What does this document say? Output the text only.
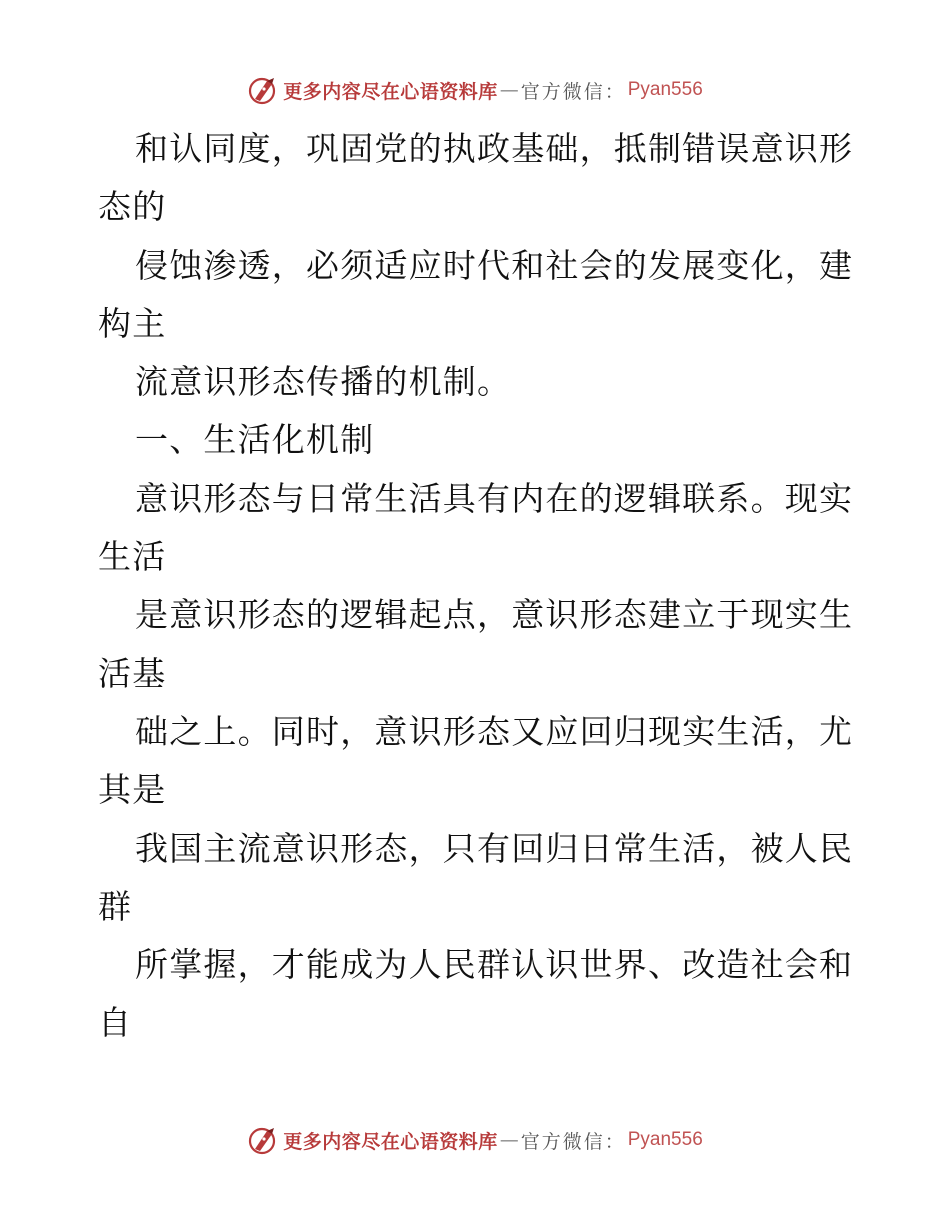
更多内容尽在心语资料库 — 官方微信： Pyan556
和认同度，巩固党的执政基础，抵制错误意识形
态的
侵蚀渗透，必须适应时代和社会的发展变化，建
构主
流意识形态传播的机制。
一、生活化机制
意识形态与日常生活具有内在的逻辑联系。现实
生活
是意识形态的逻辑起点，意识形态建立于现实生
活基
础之上。同时，意识形态又应回归现实生活，尤
其是
我国主流意识形态，只有回归日常生活，被人民
群
所掌握，才能成为人民群认识世界、改造社会和
自
更多内容尽在心语资料库 — 官方微信： Pyan556
